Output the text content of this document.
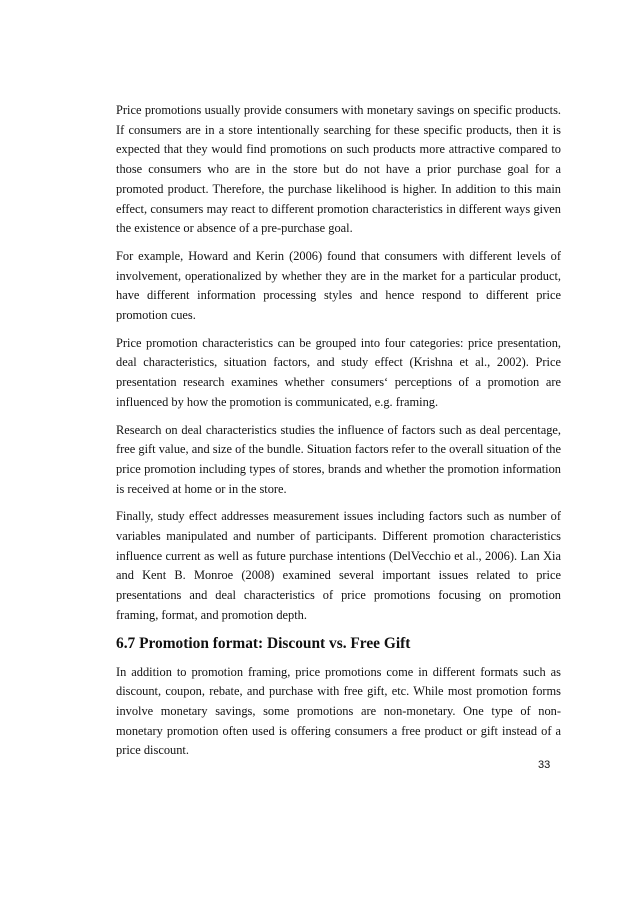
Price promotions usually provide consumers with monetary savings on specific products. If consumers are in a store intentionally searching for these specific products, then it is expected that they would find promotions on such products more attractive compared to those consumers who are in the store but do not have a prior purchase goal for a promoted product. Therefore, the purchase likelihood is higher. In addition to this main effect, consumers may react to different promotion characteristics in different ways given the existence or absence of a pre-purchase goal.

For example, Howard and Kerin (2006) found that consumers with different levels of involvement, operationalized by whether they are in the market for a particular product, have different information processing styles and hence respond to different price promotion cues.

Price promotion characteristics can be grouped into four categories: price presentation, deal characteristics, situation factors, and study effect (Krishna et al., 2002). Price presentation research examines whether consumers‘ perceptions of a promotion are influenced by how the promotion is communicated, e.g. framing.

Research on deal characteristics studies the influence of factors such as deal percentage, free gift value, and size of the bundle. Situation factors refer to the overall situation of the price promotion including types of stores, brands and whether the promotion information is received at home or in the store.

Finally, study effect addresses measurement issues including factors such as number of variables manipulated and number of participants. Different promotion characteristics influence current as well as future purchase intentions (DelVecchio et al., 2006). Lan Xia and Kent B. Monroe (2008) examined several important issues related to price presentations and deal characteristics of price promotions focusing on promotion framing, format, and promotion depth.

6.7 Promotion format: Discount vs. Free Gift

In addition to promotion framing, price promotions come in different formats such as discount, coupon, rebate, and purchase with free gift, etc. While most promotion forms involve monetary savings, some promotions are non-monetary. One type of non-monetary promotion often used is offering consumers a free product or gift instead of a price discount.

33
